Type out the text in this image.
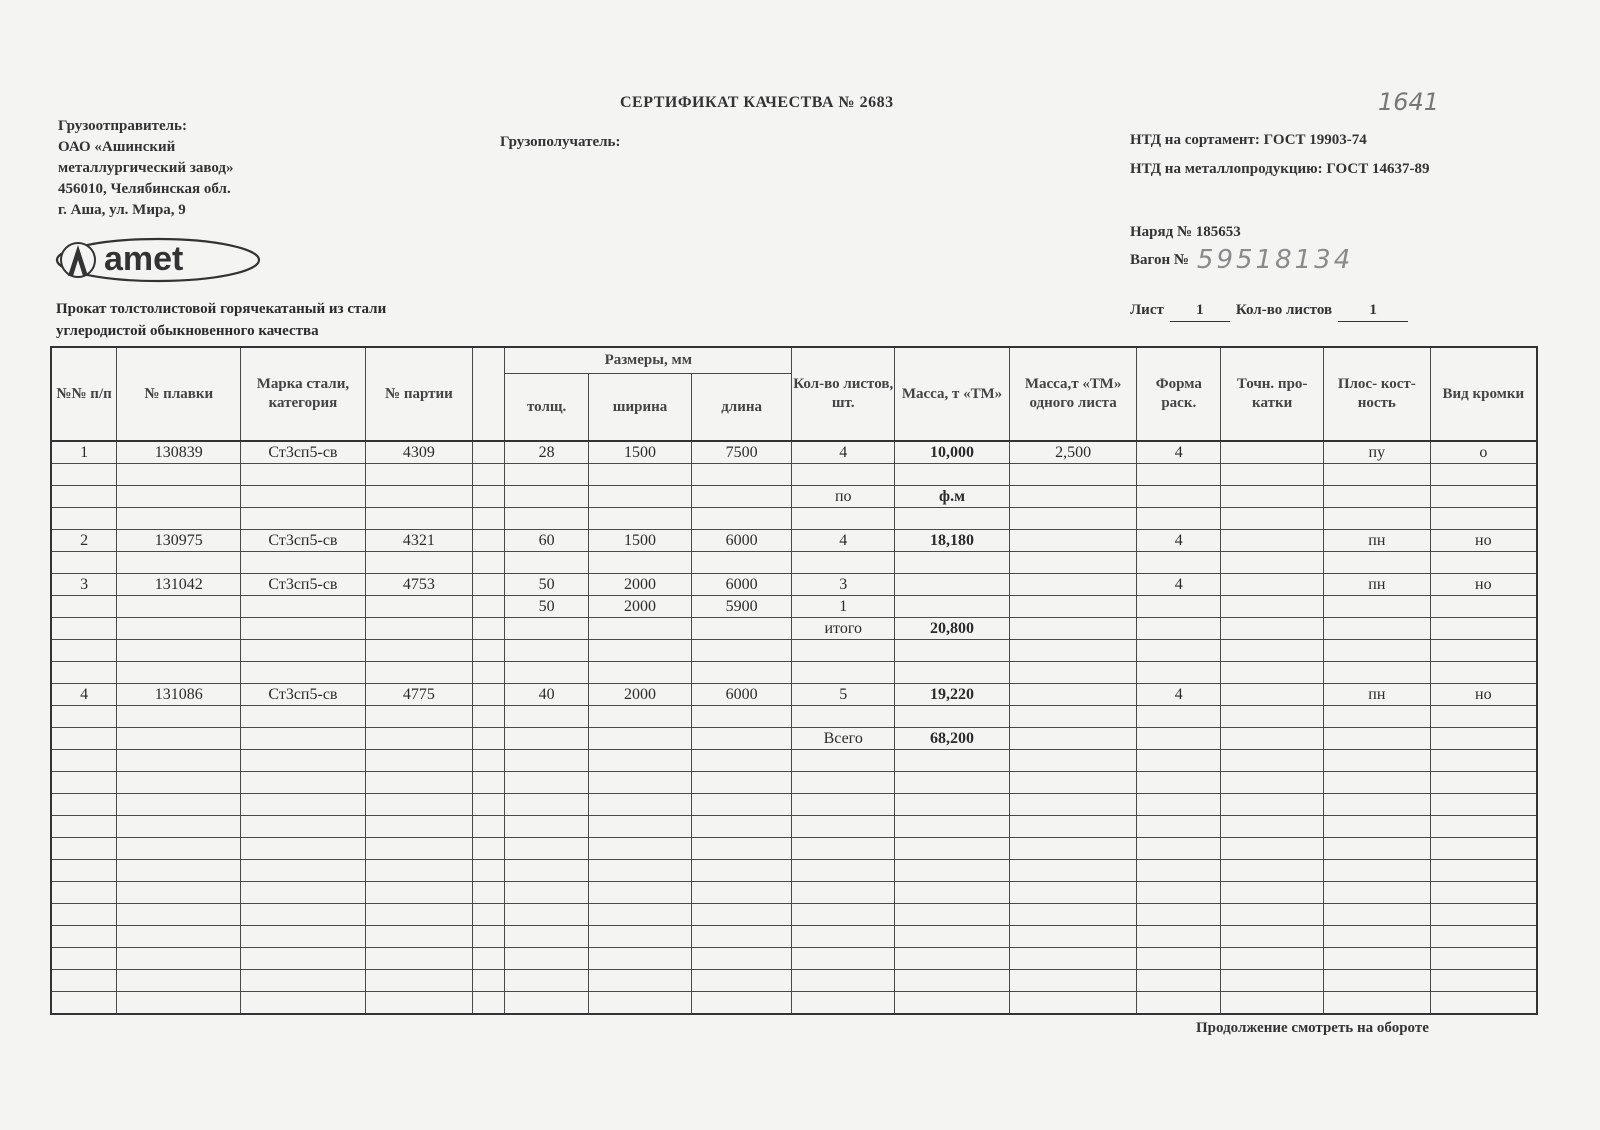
СЕРТИФИКАТ КАЧЕСТВА № 2683	1641
Грузоотправитель:
ОАО «Ашинский
металлургический завод»
456010, Челябинская обл.
г. Аша, ул. Мира, 9
Грузополучатель:	НТД на сортамент: ГОСТ 19903-74
НТД на металлопродукцию: ГОСТ 14637-89
Наряд № 185653
Вагон № 59518134
Лист	1	Кол-во листов	1
amet
Прокат толстолистовой горячекатаный из стали
углеродистой обыкновенного качества
№№ п/п	№ плавки	Марка стали, категория	№ партии		Размеры, мм			Кол-во листов, шт.	Масса, т «ТМ»	Масса,т «ТМ» одного листа	Форма раск.	Точн. про- катки	Плос- кост- ность	Вид кромки
					толщ.	ширина	длина							
1	130839	Ст3сп5-св	4309		28	1500	7500	4	10,000	2,500	4		пу	о

								по	ф.м					

2	130975	Ст3сп5-св	4321		60	1500	6000	4	18,180		4		пн	но

3	131042	Ст3сп5-св	4753		50	2000	6000	3			4		пн	но
					50	2000	5900	1						
								итого	20,800					

4	131086	Ст3сп5-св	4775		40	2000	6000	5	19,220		4		пн	но

								Всего	68,200					

Продолжение смотреть на обороте
